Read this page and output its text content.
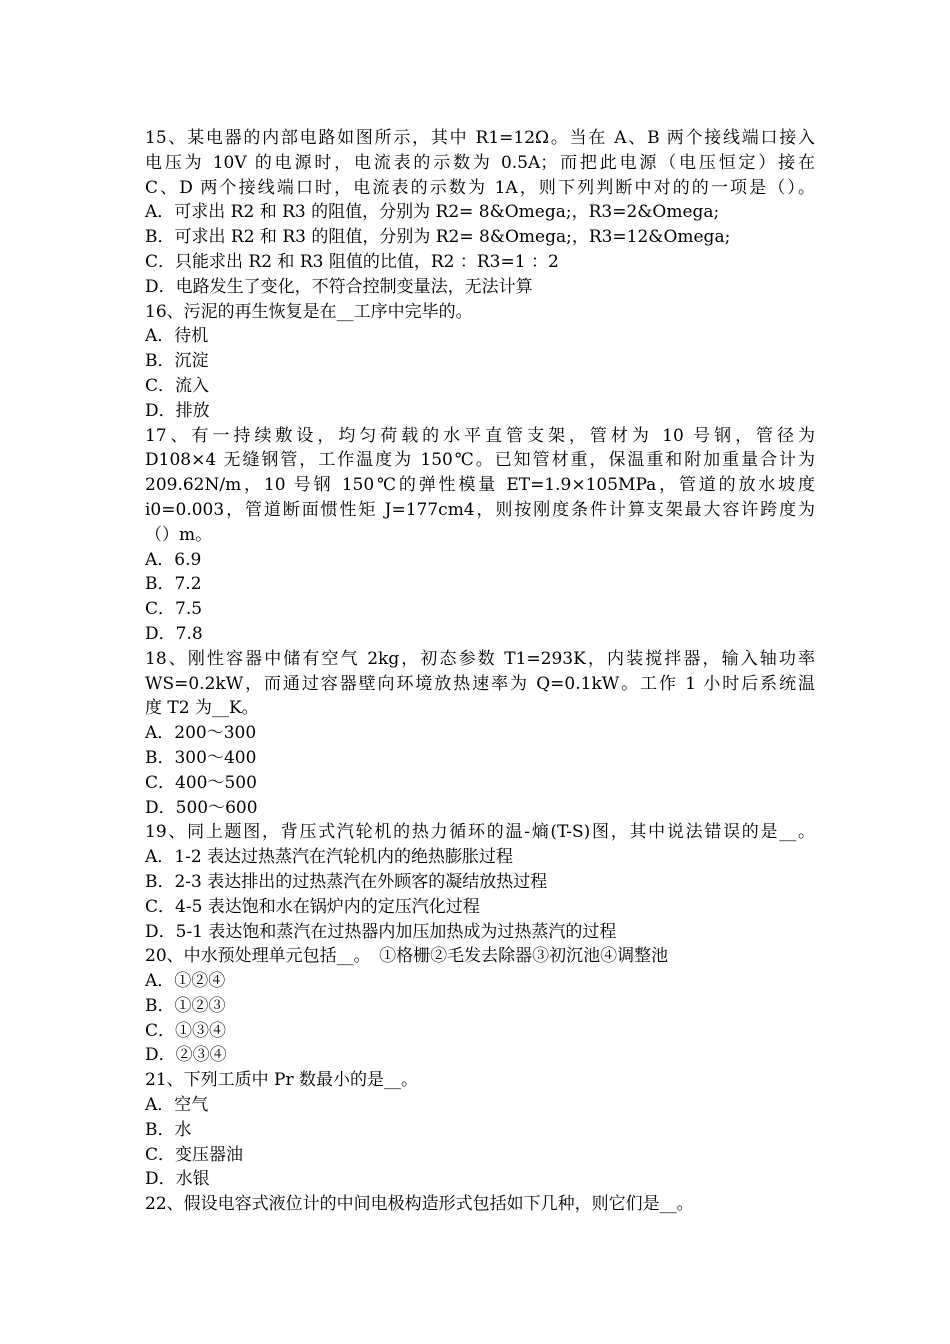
15、某电器的内部电路如图所示，其中 R1=12Ω。当在 A、B 两个接线端口接入
电压为 10V 的电源时，电流表的示数为 0.5A；而把此电源（电压恒定）接在
C、D 两个接线端口时，电流表的示数为 1A，则下列判断中对的的一项是（）。
A．可求出 R2 和 R3 的阻值，分别为 R2= 8&Omega;，R3=2&Omega;
B．可求出 R2 和 R3 的阻值，分别为 R2= 8&Omega;，R3=12&Omega;
C．只能求出 R2 和 R3 阻值的比值，R2 ：R3=1 ：2
D．电路发生了变化，不符合控制变量法，无法计算
16、污泥的再生恢复是在__工序中完毕的。
A．待机
B．沉淀
C．流入
D．排放
17、有一持续敷设，均匀荷载的水平直管支架，管材为 10 号钢，管径为
D108×4 无缝钢管，工作温度为 150℃。已知管材重，保温重和附加重量合计为
209.62N/m，10 号钢 150℃的弹性模量 ET=1.9×105MPa，管道的放水坡度
i0=0.003，管道断面惯性矩 J=177cm4，则按刚度条件计算支架最大容许跨度为
（）m。
A．6.9
B．7.2
C．7.5
D．7.8
18、刚性容器中储有空气 2kg，初态参数 T1=293K，内装搅拌器，输入轴功率
WS=0.2kW，而通过容器壁向环境放热速率为 Q=0.1kW。工作 1 小时后系统温
度 T2 为__K。
A．200～300
B．300～400
C．400～500
D．500～600
19、同上题图，背压式汽轮机的热力循环的温-熵(T-S)图，其中说法错误的是__。
A．1-2 表达过热蒸汽在汽轮机内的绝热膨胀过程
B．2-3 表达排出的过热蒸汽在外顾客的凝结放热过程
C．4-5 表达饱和水在锅炉内的定压汽化过程
D．5-1 表达饱和蒸汽在过热器内加压加热成为过热蒸汽的过程
20、中水预处理单元包括__。　①格栅②毛发去除器③初沉池④调整池
A．①②④
B．①②③
C．①③④
D．②③④
21、下列工质中 Pr 数最小的是__。
A．空气
B．水
C．变压器油
D．水银
22、假设电容式液位计的中间电极构造形式包括如下几种，则它们是__。
